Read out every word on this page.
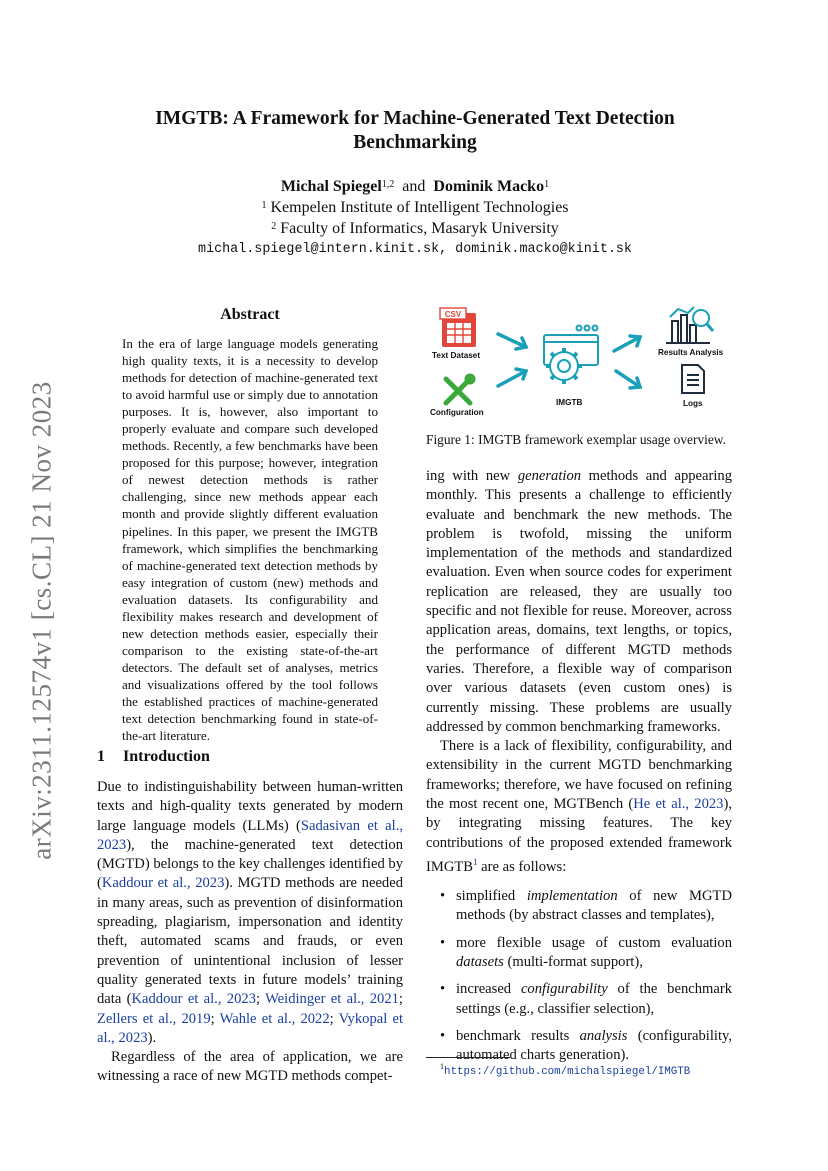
arXiv:2311.12574v1 [cs.CL] 21 Nov 2023
IMGTB: A Framework for Machine-Generated Text Detection
Benchmarking
Michal Spiegel$^{1,2}$ and Dominik Macko$^1$
$^1$ Kempelen Institute of Intelligent Technologies
$^2$ Faculty of Informatics, Masaryk University
michal.spiegel@intern.kinit.sk, dominik.macko@kinit.sk
Abstract

In the era of large language models generating high quality texts, it is a necessity to develop methods for detection of machine-generated text to avoid harmful use or simply due to annotation purposes. It is, however, also important to properly evaluate and compare such developed methods. Recently, a few benchmarks have been proposed for this purpose; however, integration of newest detection methods is rather challenging, since new methods appear each month and provide slightly different evaluation pipelines. In this paper, we present the IMGTB framework, which simplifies the benchmarking of machine-generated text detection methods by easy integration of custom (new) methods and evaluation datasets. Its configurability and flexibility makes research and development of new detection methods easier, especially their comparison to the existing state-of-the-art detectors. The default set of analyses, metrics and visualizations offered by the tool follows the established practices of machine-generated text detection benchmarking found in state-of-the-art literature.

1 Introduction

Due to indistinguishability between human-written texts and high-quality texts generated by modern large language models (LLMs) (Sadasivan et al., 2023), the machine-generated text detection (MGTD) belongs to the key challenges identified by (Kaddour et al., 2023). MGTD methods are needed in many areas, such as prevention of disinformation spreading, plagiarism, impersonation and identity theft, automated scams and frauds, or even prevention of unintentional inclusion of lesser quality generated texts in future models’ training data (Kaddour et al., 2023; Weidinger et al., 2021; Zellers et al., 2019; Wahle et al., 2022; Vykopal et al., 2023).

Regardless of the area of application, we are witnessing a race of new MGTD methods compet-

CSV
Text Dataset
Configuration
IMGTB
Results Analysis
Logs
Figure 1: IMGTB framework exemplar usage overview.

ing with new generation methods and appearing monthly. This presents a challenge to efficiently evaluate and benchmark the new methods. The problem is twofold, missing the uniform implementation of the methods and standardized evaluation. Even when source codes for experiment replication are released, they are usually too specific and not flexible for reuse. Moreover, across application areas, domains, text lengths, or topics, the performance of different MGTD methods varies. Therefore, a flexible way of comparison over various datasets (even custom ones) is currently missing. These problems are usually addressed by common benchmarking frameworks.

There is a lack of flexibility, configurability, and extensibility in the current MGTD benchmarking frameworks; therefore, we have focused on refining the most recent one, MGTBench (He et al., 2023), by integrating missing features. The key contributions of the proposed extended framework IMGTB$^1$ are as follows:

• simplified implementation of new MGTD methods (by abstract classes and templates),
• more flexible usage of custom evaluation datasets (multi-format support),
• increased configurability of the benchmark settings (e.g., classifier selection),
• benchmark results analysis (configurability, automated charts generation).
$^1$https://github.com/michalspiegel/IMGTB
